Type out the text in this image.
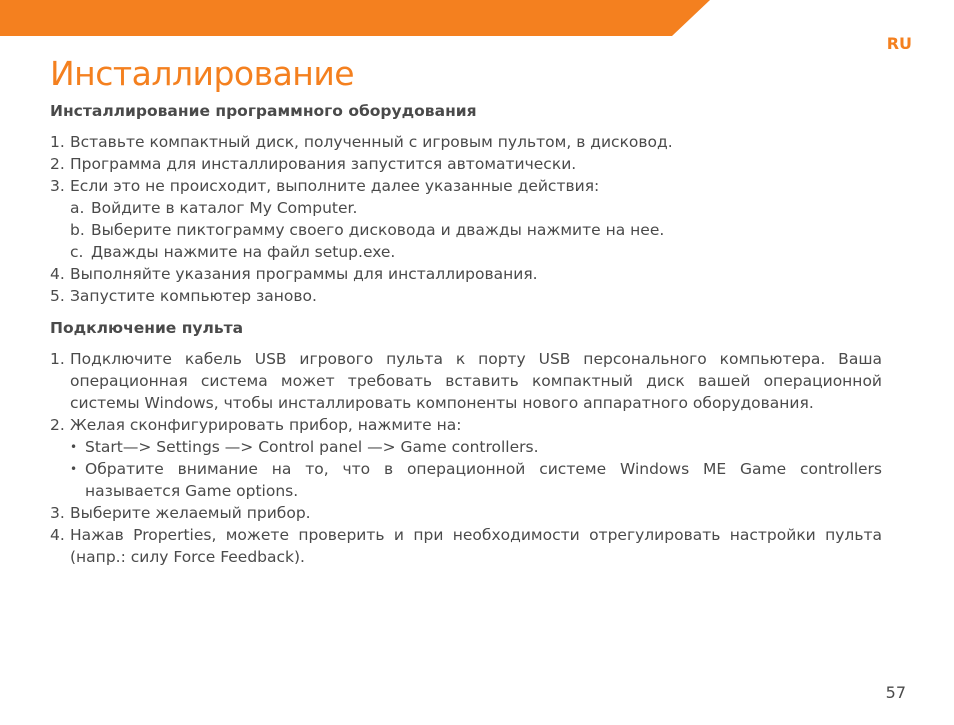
RU
Инсталлирование
Инсталлирование программного оборудования
1. Вставьте компактный диск, полученный с игровым пультом, в дисковод.
2. Программа для инсталлирования запустится автоматически.
3. Если это не происходит, выполните далее указанные действия:
a. Войдите в каталог My Computer.
b. Выберите пиктограмму своего дисковода и дважды нажмите на нее.
c. Дважды нажмите на файл setup.exe.
4. Выполняйте указания программы для инсталлирования.
5. Запустите компьютер заново.
Подключение пульта
1. Подключите кабель USB игрового пульта к порту USB персонального компьютера. Ваша операционная система может требовать вставить компактный диск вашей операционной системы Windows, чтобы инсталлировать компоненты нового аппаратного оборудования.
2. Желая сконфигурировать прибор, нажмите на:
• Start—> Settings —> Control panel —> Game controllers.
• Обратите внимание на то, что в операционной системе Windows ME Game controllers называется Game options.
3. Выберите желаемый прибор.
4. Нажав Properties, можете проверить и при необходимости отрегулировать настройки пульта (напр.: силу Force Feedback).
57
